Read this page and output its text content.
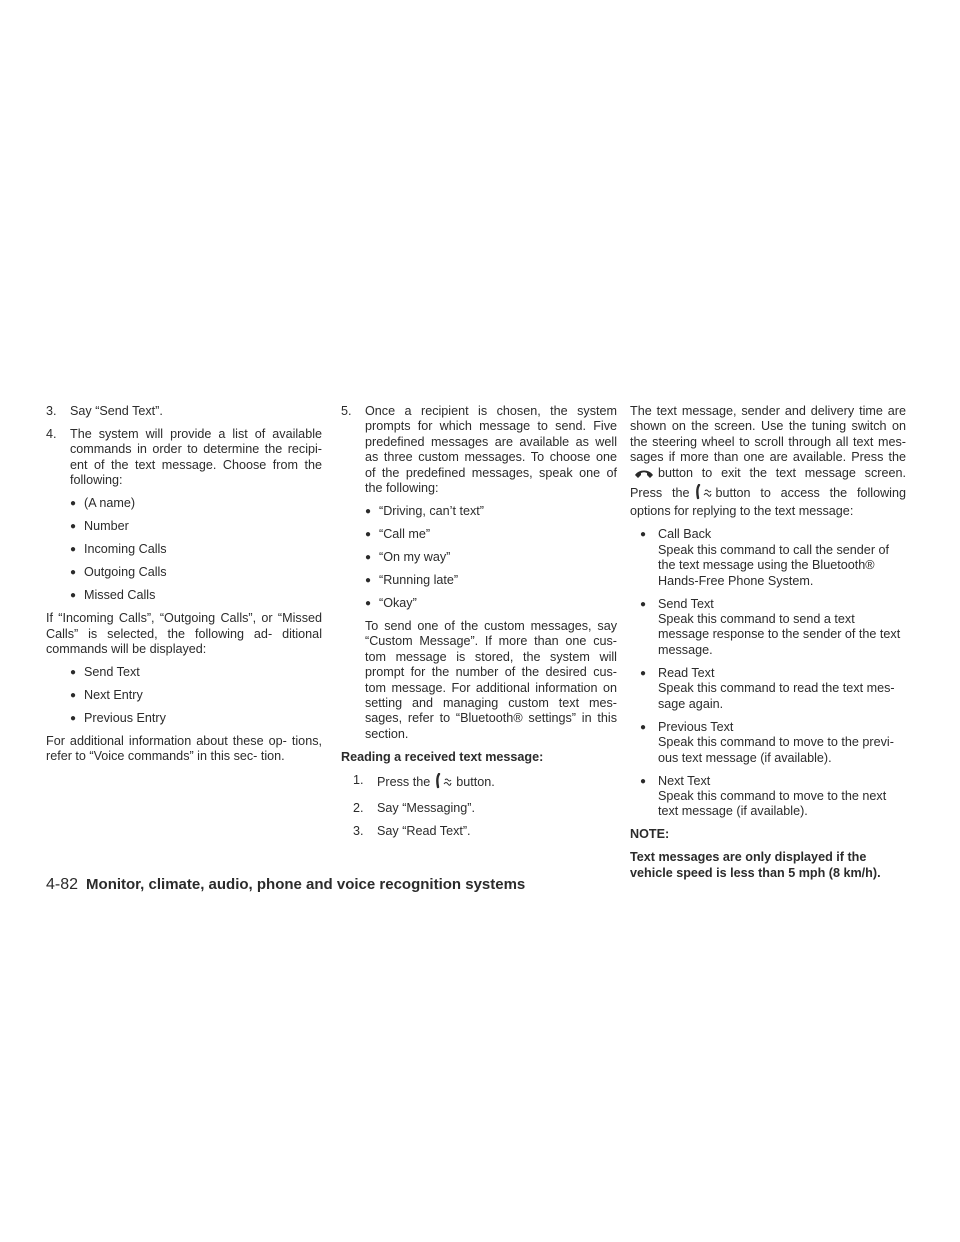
3.	Say “Send Text”.
4.	The system will provide a list of available commands in order to determine the recipi- ent of the text message. Choose from the following:
● (A name)
● Number
● Incoming Calls
● Outgoing Calls
● Missed Calls

If “Incoming Calls”, “Outgoing Calls”, or “Missed Calls” is selected, the following ad- ditional commands will be displayed:

● Send Text
● Next Entry
● Previous Entry

For additional information about these op- tions, refer to “Voice commands” in this sec- tion.

5.	Once a recipient is chosen, the system prompts for which message to send. Five predefined messages are available as well as three custom messages. To choose one of the predefined messages, speak one of the following:
● “Driving, can’t text”
● “Call me”
● “On my way”
● “Running late”
● “Okay”

To send one of the custom messages, say “Custom Message”. If more than one cus- tom message is stored, the system will prompt for the number of the desired cus- tom message. For additional information on setting and managing custom text mes- sages, refer to “Bluetooth® settings” in this section.

Reading a received text message:
1.	Press the button.
2.	Say “Messaging”.
3.	Say “Read Text”.

The text message, sender and delivery time are shown on the screen. Use the tuning switch on the steering wheel to scroll through all text mes- sages if more than one are available. Press thebutton to exit the text message screen. Press the button to access the following options for replying to the text message:

● Call Back
Speak this command to call the sender of the text message using the Bluetooth® Hands-Free Phone System.
● Send Text
Speak this command to send a text message response to the sender of the text message.
● Read Text
Speak this command to read the text mes- sage again.
● Previous Text
Speak this command to move to the previ- ous text message (if available).
● Next Text
Speak this command to move to the next text message (if available).
NOTE:
Text messages are only displayed if the vehicle speed is less than 5 mph (8 km/h).
4-82 Monitor, climate, audio, phone and voice recognition systems
